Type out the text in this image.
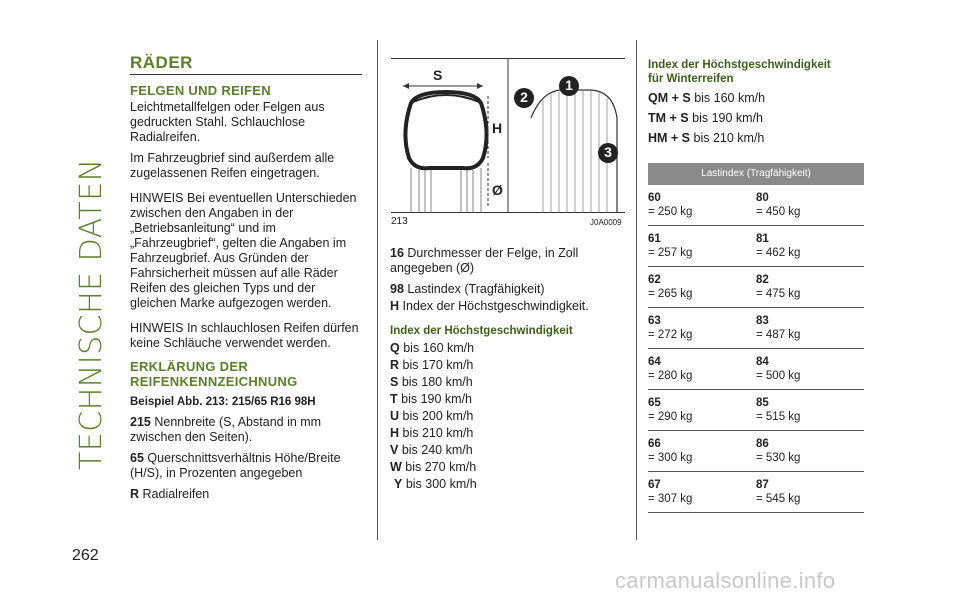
TECHNISCHE DATEN
262
RÄDER
FELGEN UND REIFEN

Leichtmetallfelgen oder Felgen aus gedruckten Stahl. Schlauchlose Radialreifen.

Im Fahrzeugbrief sind außerdem alle zugelassenen Reifen eingetragen.

HINWEIS Bei eventuellen Unterschieden zwischen den Angaben in der „Betriebsanleitung“ und im „Fahrzeugbrief“, gelten die Angaben im Fahrzeugbrief. Aus Gründen der Fahrsicherheit müssen auf alle Räder Reifen des gleichen Typs und der gleichen Marke aufgezogen werden.

HINWEIS In schlauchlosen Reifen dürfen keine Schläuche verwendet werden.

ERKLÄRUNG DER REIFENKENNZEICHNUNG
Beispiel Abb. 213: 215/65 R16 98H

215 Nennbreite (S, Abstand in mm zwischen den Seiten).

65 Querschnittsverhältnis Höhe/Breite (H/S), in Prozenten angegeben

R Radialreifen

S
H
Ø
2
1
3
213	J0A0009

16 Durchmesser der Felge, in Zoll angegeben (Ø)

98 Lastindex (Tragfähigkeit)

H Index der Höchstgeschwindigkeit.

Index der Höchstgeschwindigkeit
Q bis 160 km/h
R bis 170 km/h
S bis 180 km/h
T bis 190 km/h
U bis 200 km/h
H bis 210 km/h
V bis 240 km/h
W bis 270 km/h
Y bis 300 km/h
Index der Höchstgeschwindigkeit für Winterreifen
QM + S bis 160 km/h
TM + S bis 190 km/h
HM + S bis 210 km/h
Lastindex (Tragfähigkeit)
60
= 250 kg
80
= 450 kg
61
= 257 kg
81
= 462 kg
62
= 265 kg
82
= 475 kg
63
= 272 kg
83
= 487 kg
64
= 280 kg
84
= 500 kg
65
= 290 kg
85
= 515 kg
66
= 300 kg
86
= 530 kg
67
= 307 kg
87
= 545 kg
carmanualsonline.info
